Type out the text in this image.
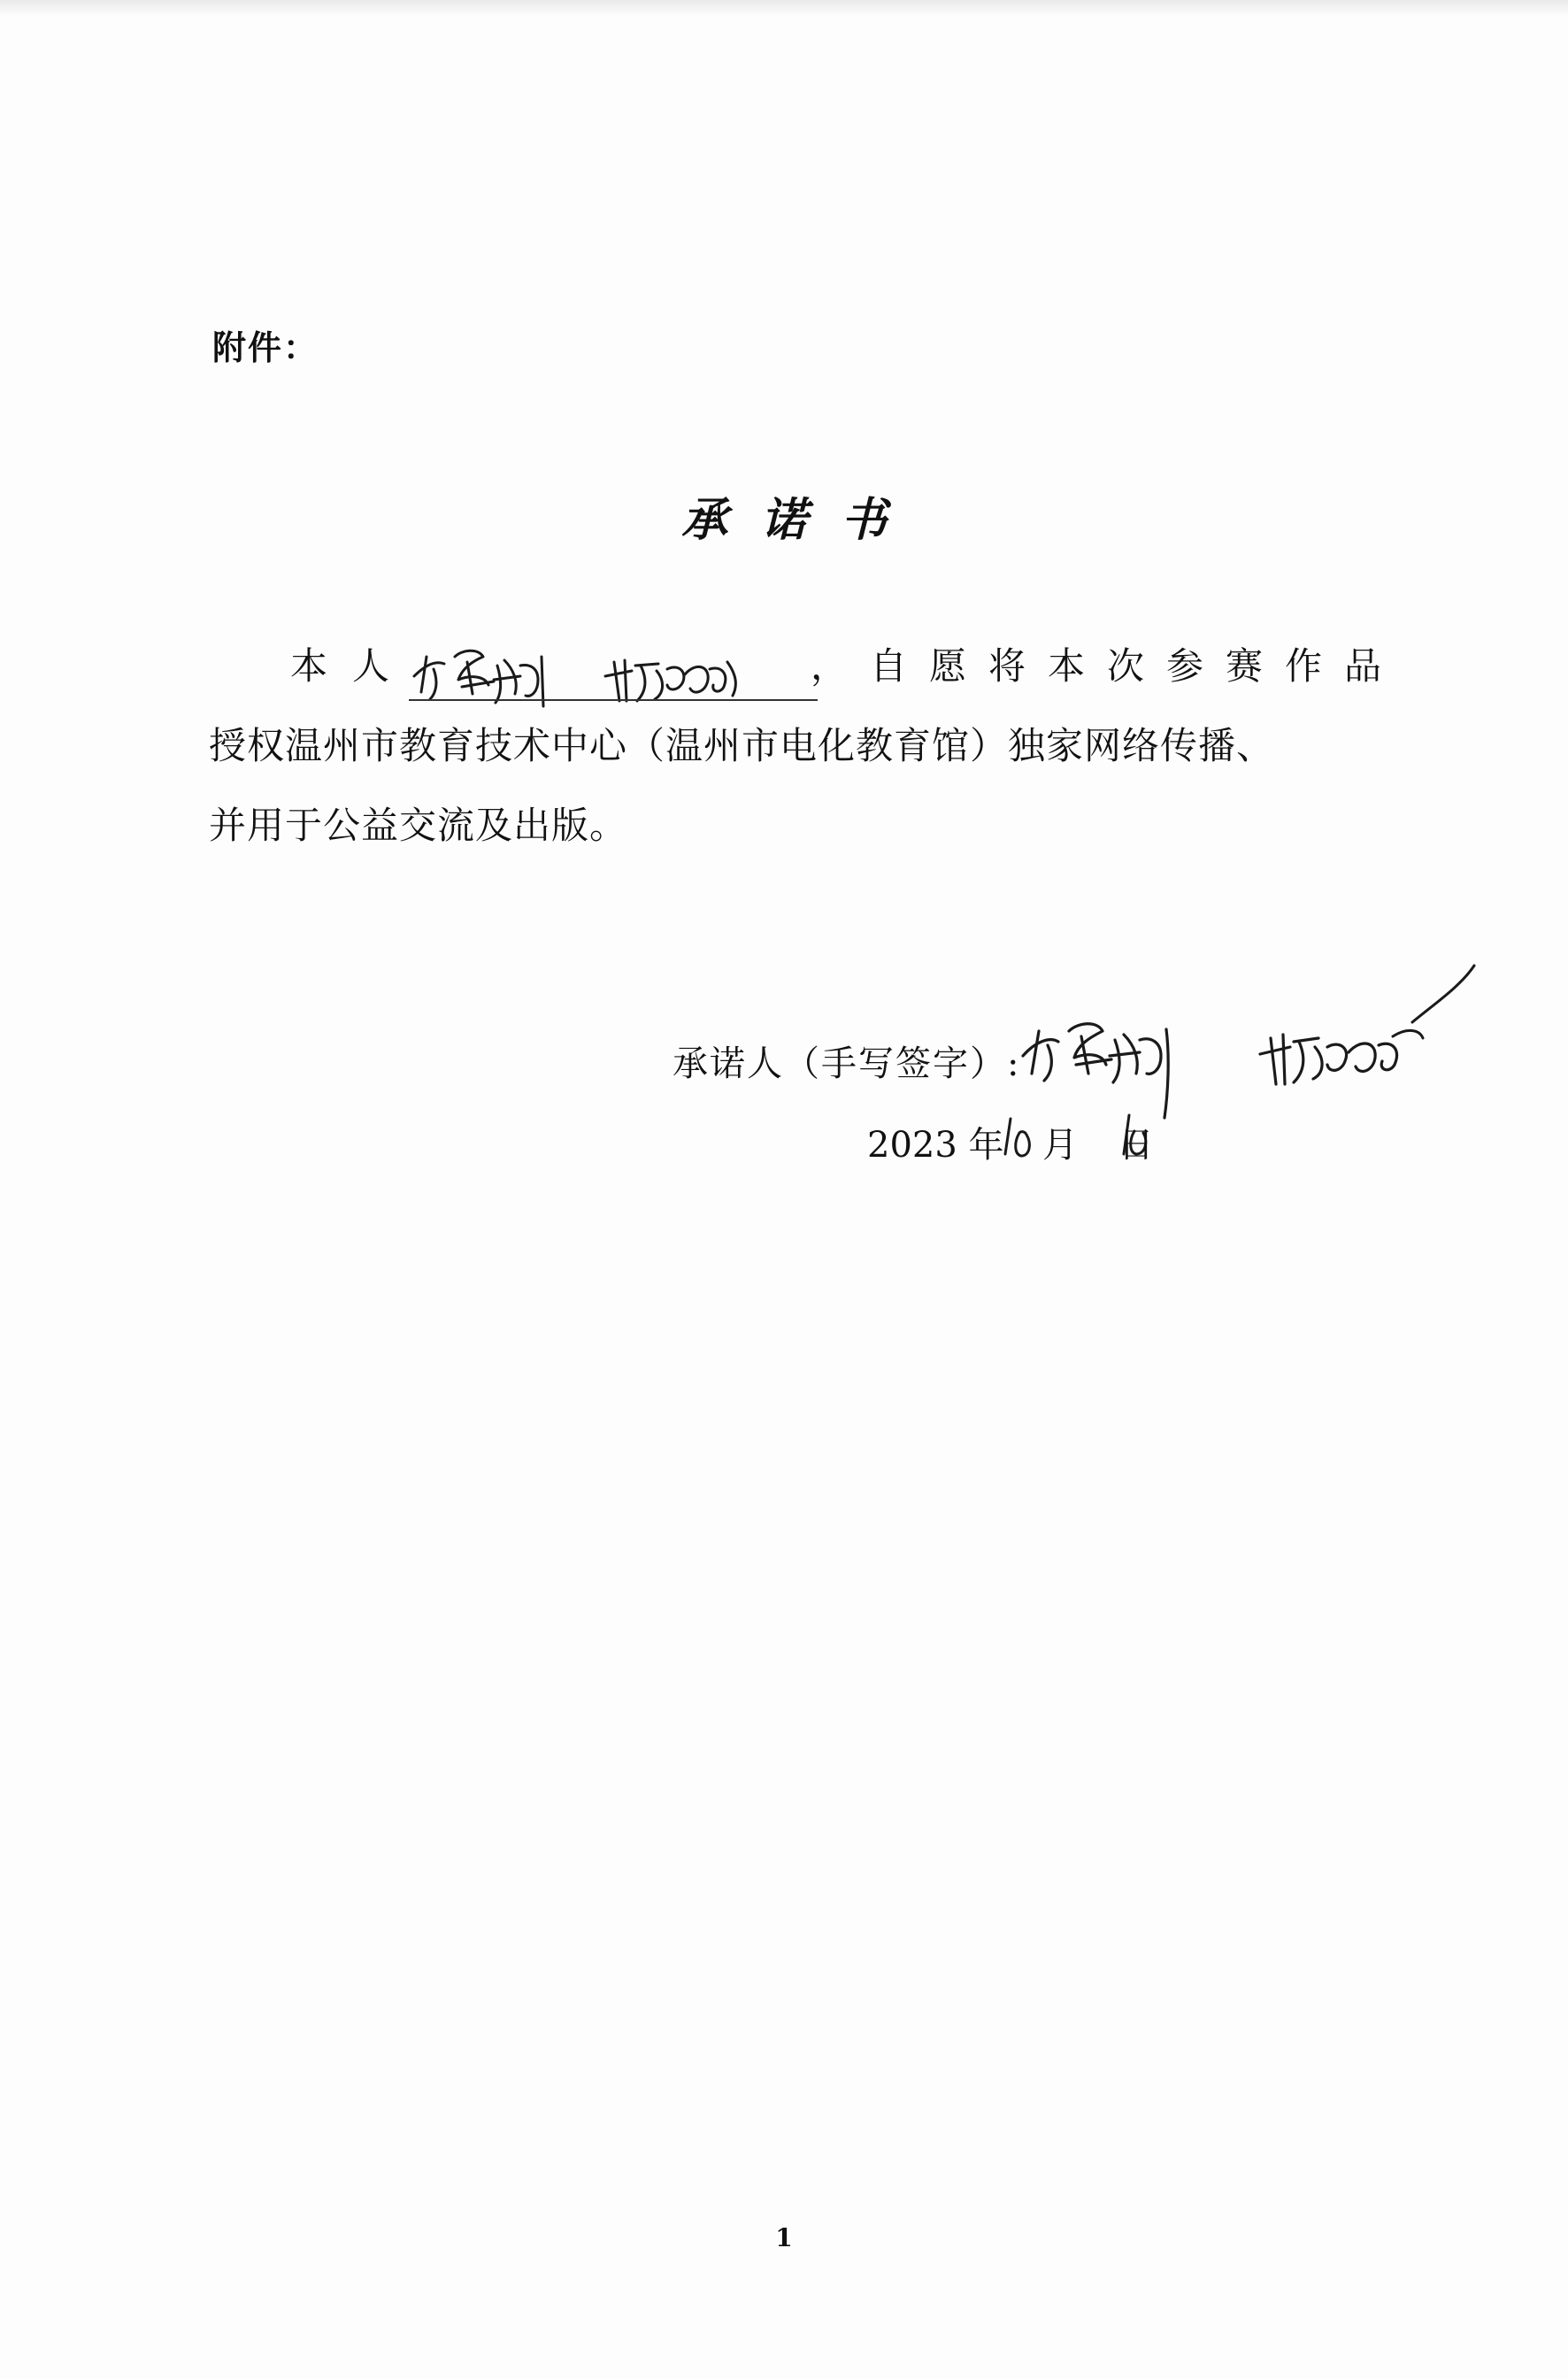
附件：
承诺书
本人	，自愿将本次参赛作品
授权温州市教育技术中心（温州市电化教育馆）独家网络传播、
并用于公益交流及出版。
承诺人（手写签字）:
2023 年 月 日
1
